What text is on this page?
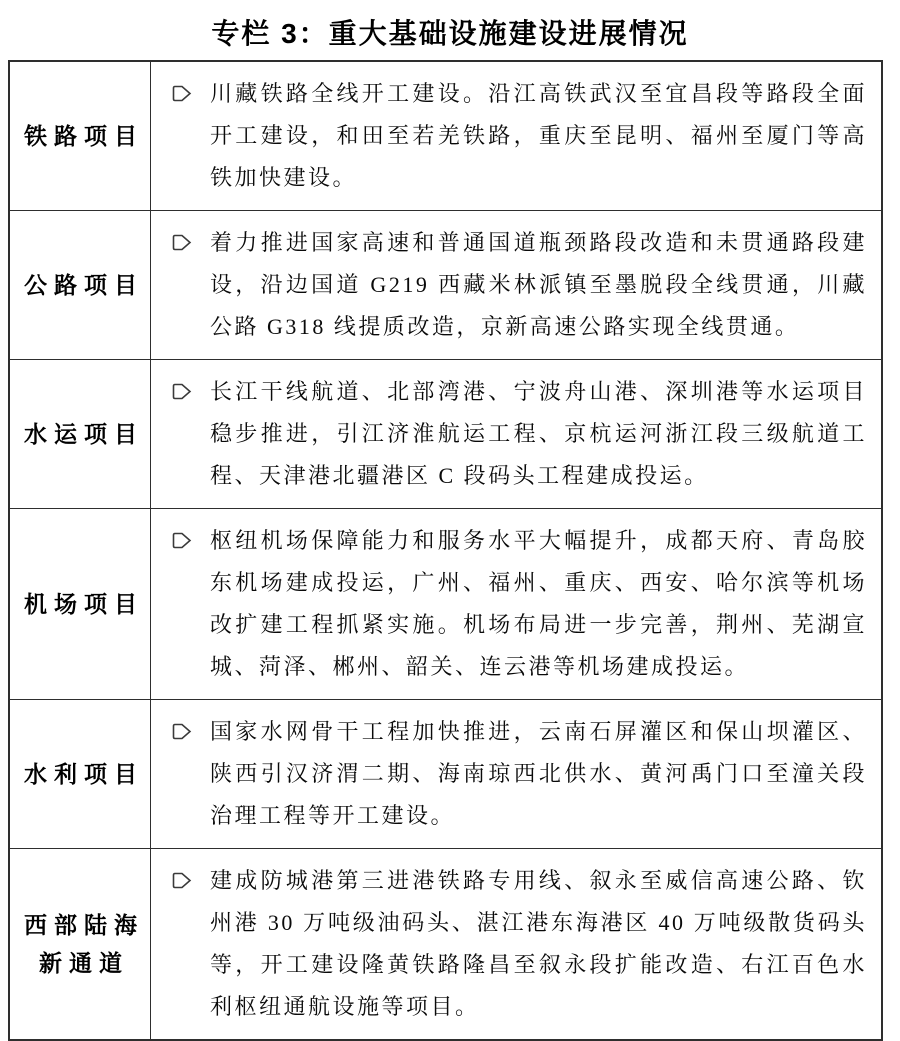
专栏 3：重大基础设施建设进展情况
铁路项目

川藏铁路全线开工建设。沿江高铁武汉至宜昌段等路段全面开工建设，和田至若羌铁路，重庆至昆明、福州至厦门等高铁加快建设。

公路项目

着力推进国家高速和普通国道瓶颈路段改造和未贯通路段建设，沿边国道 G219 西藏米林派镇至墨脱段全线贯通，川藏公路 G318 线提质改造，京新高速公路实现全线贯通。

水运项目

长江干线航道、北部湾港、宁波舟山港、深圳港等水运项目稳步推进，引江济淮航运工程、京杭运河浙江段三级航道工程、天津港北疆港区 C 段码头工程建成投运。

机场项目

枢纽机场保障能力和服务水平大幅提升，成都天府、青岛胶东机场建成投运，广州、福州、重庆、西安、哈尔滨等机场改扩建工程抓紧实施。机场布局进一步完善，荆州、芜湖宣城、菏泽、郴州、韶关、连云港等机场建成投运。

水利项目

国家水网骨干工程加快推进，云南石屏灌区和保山坝灌区、陕西引汉济渭二期、海南琼西北供水、黄河禹门口至潼关段治理工程等开工建设。

西部陆海新通道

建成防城港第三进港铁路专用线、叙永至威信高速公路、钦州港 30 万吨级油码头、湛江港东海港区 40 万吨级散货码头等，开工建设隆黄铁路隆昌至叙永段扩能改造、右江百色水利枢纽通航设施等项目。
